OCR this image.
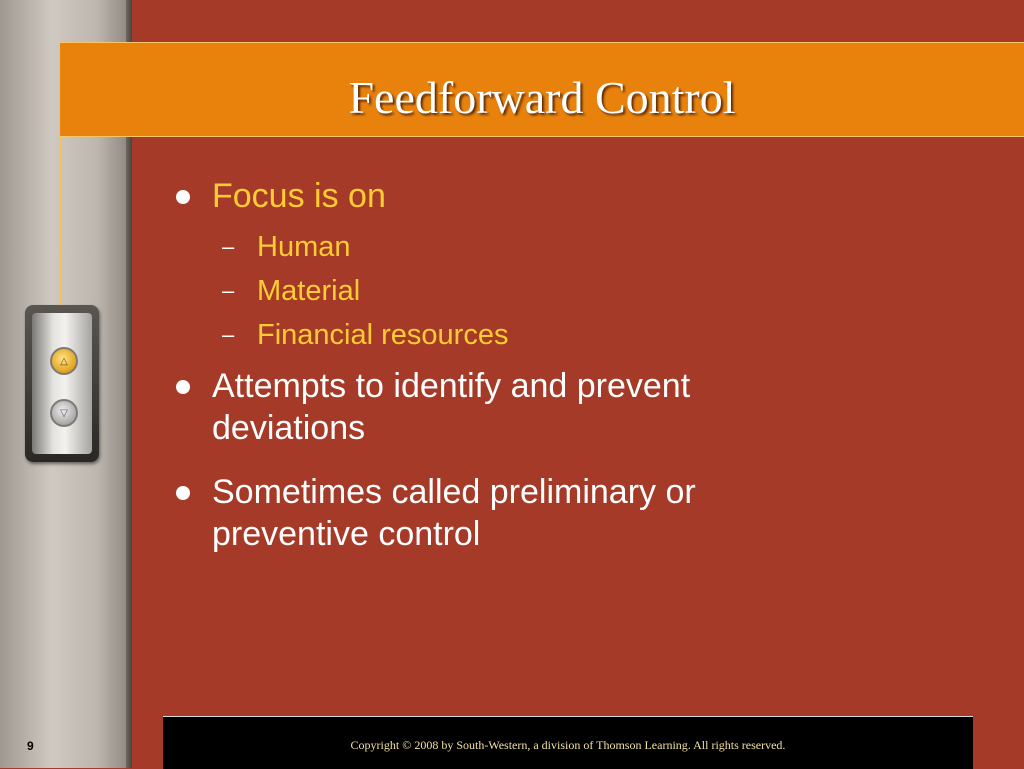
△
▽
Feedforward Control
Focus is on
– Human
– Material
– Financial resources
Attempts to identify and prevent deviations
Sometimes called preliminary or preventive control
Copyright © 2008 by South-Western, a division of Thomson Learning. All rights reserved.
9
